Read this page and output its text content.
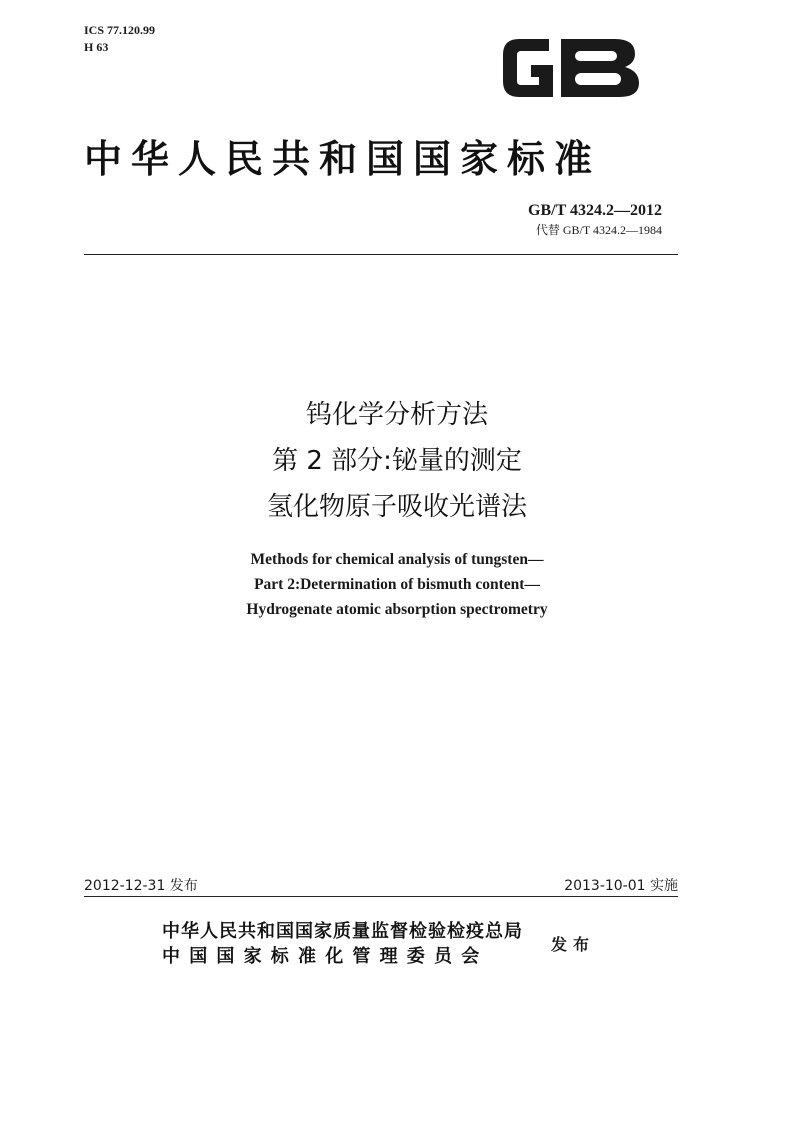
ICS 77.120.99
H 63
中华人民共和国国家标准
GB/T 4324.2—2012
代替 GB/T 4324.2—1984
钨化学分析方法
第 2 部分:铋量的测定
氢化物原子吸收光谱法
Methods for chemical analysis of tungsten—
Part 2:Determination of bismuth content—
Hydrogenate atomic absorption spectrometry
2012-12-31 发布	2013-10-01 实施
中华人民共和国国家质量监督检验检疫总局
中国国家标准化管理委员会
发布
